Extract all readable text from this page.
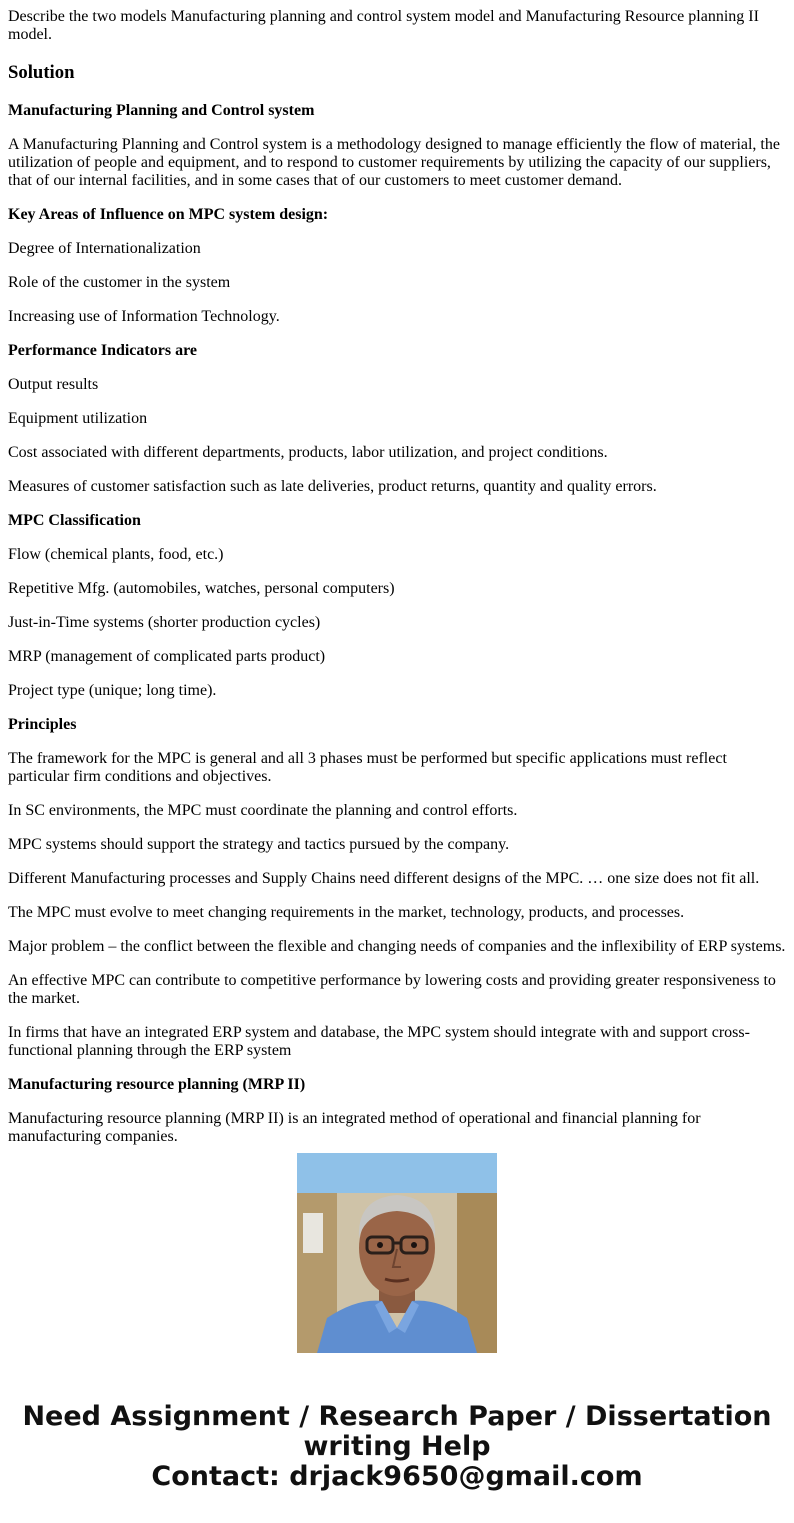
Describe the two models Manufacturing planning and control system model and Manufacturing Resource planning II model.

Solution

Manufacturing Planning and Control system

A Manufacturing Planning and Control system is a methodology designed to manage efficiently the flow of material, the utilization of people and equipment, and to respond to customer requirements by utilizing the capacity of our suppliers, that of our internal facilities, and in some cases that of our customers to meet customer demand.

Key Areas of Influence on MPC system design:

Degree of Internationalization

Role of the customer in the system

Increasing use of Information Technology.

Performance Indicators are

Output results

Equipment utilization

Cost associated with different departments, products, labor utilization, and project conditions.

Measures of customer satisfaction such as late deliveries, product returns, quantity and quality errors.

MPC Classification

Flow (chemical plants, food, etc.)

Repetitive Mfg. (automobiles, watches, personal computers)

Just-in-Time systems (shorter production cycles)

MRP (management of complicated parts product)

Project type (unique; long time).

Principles

The framework for the MPC is general and all 3 phases must be performed but specific applications must reflect particular firm conditions and objectives.

In SC environments, the MPC must coordinate the planning and control efforts.

MPC systems should support the strategy and tactics pursued by the company.

Different Manufacturing processes and Supply Chains need different designs of the MPC. … one size does not fit all.

The MPC must evolve to meet changing requirements in the market, technology, products, and processes.

Major problem – the conflict between the flexible and changing needs of companies and the inflexibility of ERP systems.

An effective MPC can contribute to competitive performance by lowering costs and providing greater responsiveness to the market.

In firms that have an integrated ERP system and database, the MPC system should integrate with and support cross-functional planning through the ERP system

Manufacturing resource planning (MRP II)

Manufacturing resource planning (MRP II) is an integrated method of operational and financial planning for manufacturing companies.

Need Assignment / Research Paper / Dissertation writing Help
Contact: drjack9650@gmail.com
